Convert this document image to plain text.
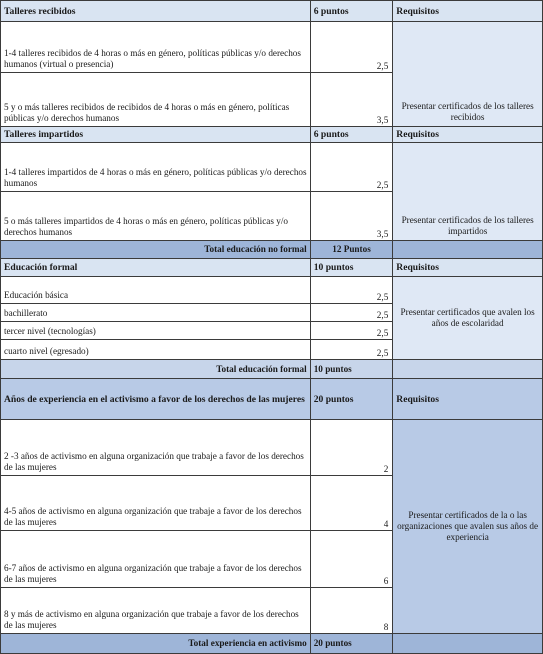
Talleres recibidos	6 puntos	Requisitos
1-4 talleres recibidos de 4 horas o más en género, políticas públicas y/o derechos humanos (virtual o presencia)	2,5	Presentar certificados de los talleres recibidos
5 y o más talleres recibidos de recibidos de 4 horas o más en género, políticas públicas y/o derechos humanos	3,5	
Talleres impartidos	6 puntos	Requisitos
1-4 talleres impartidos de 4 horas o más en género, políticas públicas y/o derechos humanos	2,5	Presentar certificados de los talleres impartidos
5 o más talleres impartidos de 4 horas o más en género, políticas públicas y/o derechos humanos	3,5	
Total educación no formal	12 Puntos	
Educación formal	10 puntos	Requisitos
Educación básica	2,5	Presentar certificados que avalen los años de escolaridad
bachillerato	2,5	
tercer nivel (tecnologías)	2,5	
cuarto nivel (egresado)	2,5	
Total educación formal	10 puntos	
Años de experiencia en el activismo a favor de los derechos de las mujeres	20 puntos	Requisitos
2 -3 años de activismo en alguna organización que trabaje a favor de los derechos de las mujeres	2	Presentar certificados de la o las organizaciones que avalen sus años de experiencia
4-5 años de activismo en alguna organización que trabaje a favor de los derechos de las mujeres	4	
6-7 años de activismo en alguna organización que trabaje a favor de los derechos de las mujeres	6	
8 y más de activismo en alguna organización que trabaje a favor de los derechos de las mujeres	8	
Total experiencia en activismo	20 puntos	
